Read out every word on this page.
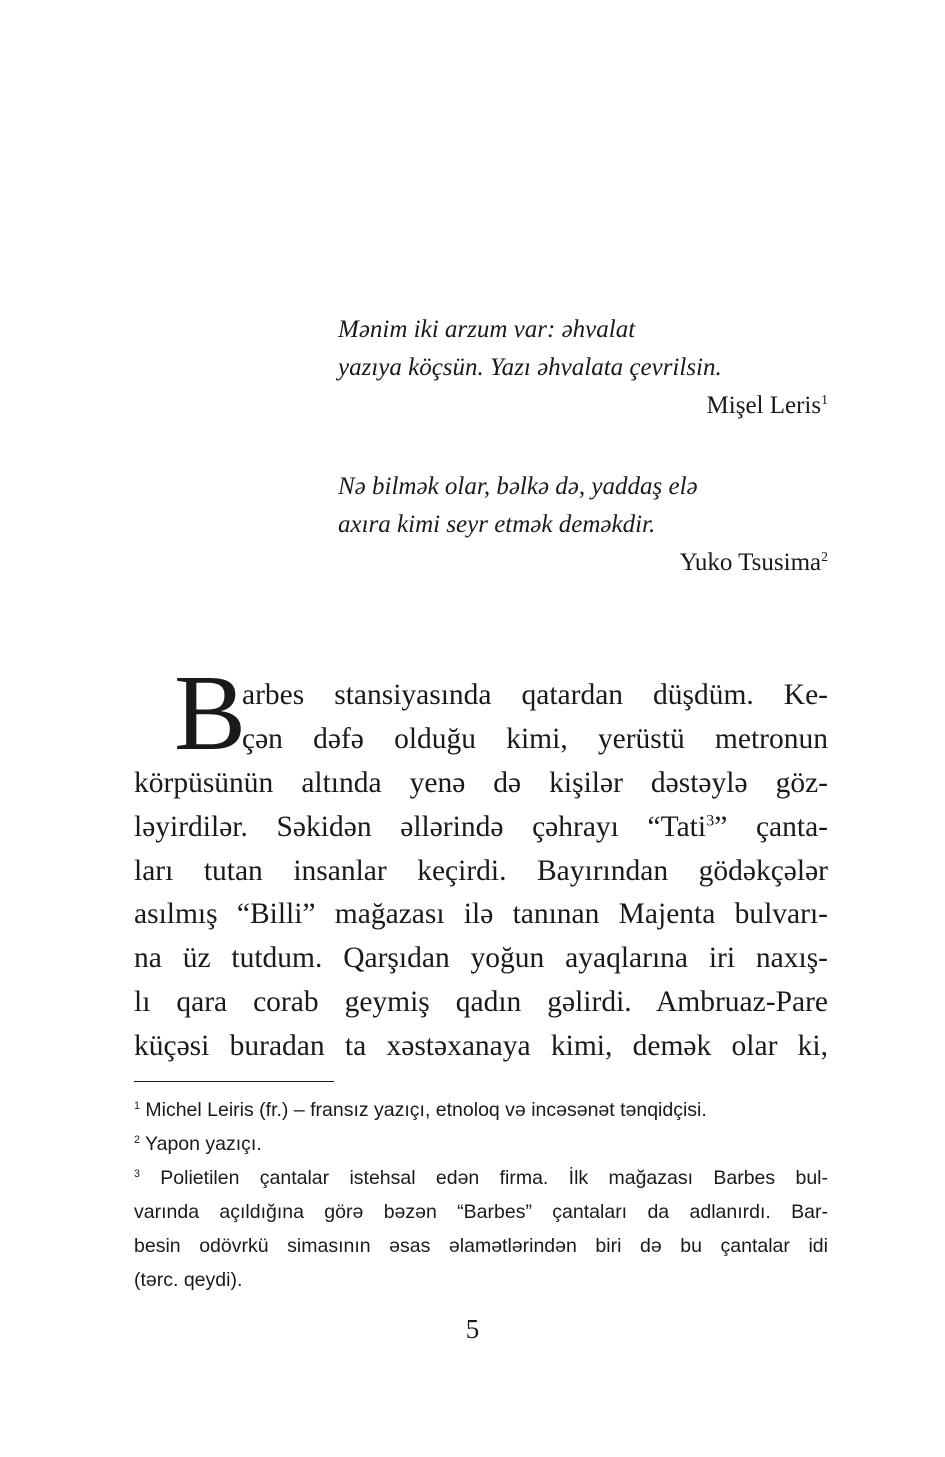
Mənim iki arzum var: əhvalat
yazıya köçsün. Yazı əhvalata çevrilsin.
Mişel Leris$^1$
Nə bilmək olar, bəlkə də, yaddaş elə
axıra kimi seyr etmək deməkdir.
Yuko Tsusima$^2$
B
arbes stansiyasında qatardan düşdüm. Ke-
çən dəfə olduğu kimi, yerüstü metronun
körpüsünün altında yenə də kişilər dəstəylə göz-
ləyirdilər. Səkidən əllərində çəhrayı “Tati$^3$” çanta-
ları tutan insanlar keçirdi. Bayırından gödəkçələr
asılmış “Billi” mağazası ilə tanınan Majenta bulvarı-
na üz tutdum. Qarşıdan yoğun ayaqlarına iri naxış-
lı qara corab geymiş qadın gəlirdi. Ambruaz-Pare
küçəsi buradan ta xəstəxanaya kimi, demək olar ki,
$^1$ Michel Leiris (fr.) – fransız yazıçı, etnoloq və incəsənət tənqidçisi.
$^2$ Yapon yazıçı.
$^3$ Polietilen çantalar istehsal edən firma. İlk mağazası Barbes bul-
varında açıldığına görə bəzən “Barbes” çantaları da adlanırdı. Bar-
besin odövrkü simasının əsas əlamətlərindən biri də bu çantalar idi
(tərc. qeydi).
5
